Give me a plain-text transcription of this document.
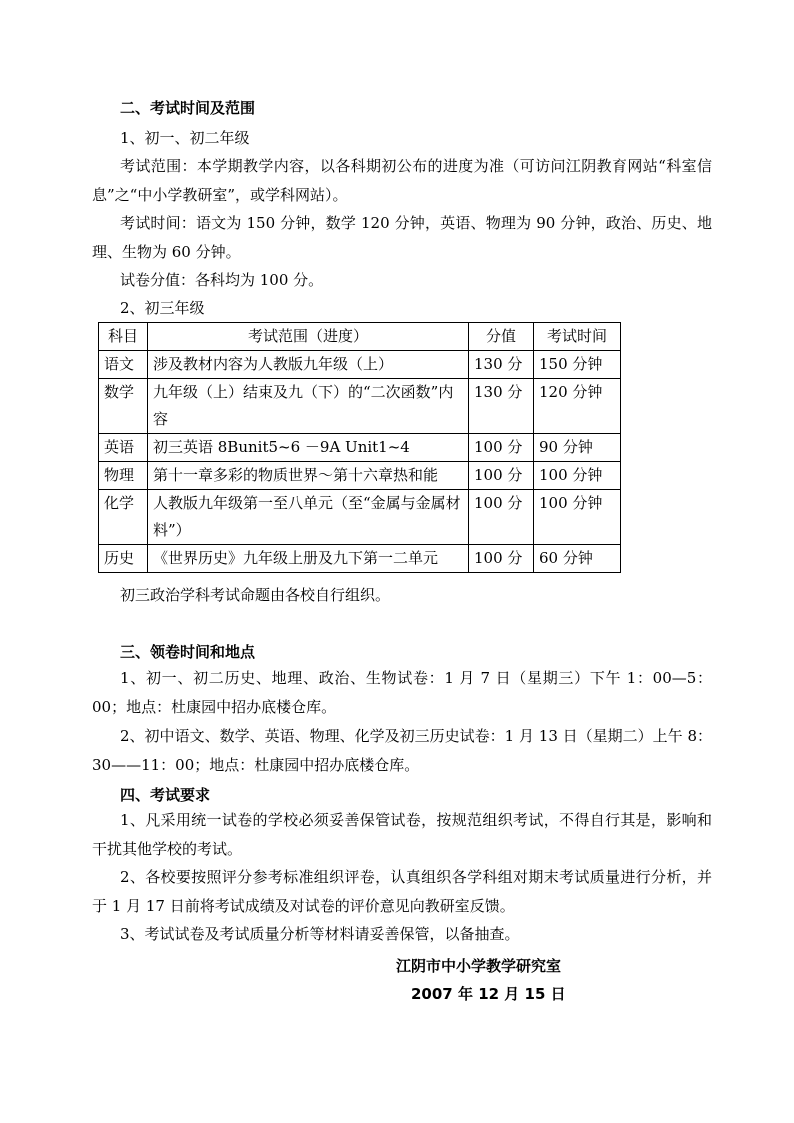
二、考试时间及范围
1、初一、初二年级
考试范围：本学期教学内容，以各科期初公布的进度为准（可访问江阴教育网站“科室信息”之“中小学教研室”，或学科网站）。
考试时间：语文为 150 分钟，数学 120 分钟，英语、物理为 90 分钟，政治、历史、地理、生物为 60 分钟。
试卷分值：各科均为 100 分。
2、初三年级
科目	考试范围（进度）	分值	考试时间
语文	涉及教材内容为人教版九年级（上）	130 分	150 分钟
数学	九年级（上）结束及九（下）的“二次函数”内容	130 分	120 分钟
英语	初三英语 8Bunit5~6 －9A Unit1~4	100 分	90 分钟
物理	第十一章多彩的物质世界～第十六章热和能	100 分	100 分钟
化学	人教版九年级第一至八单元（至“金属与金属材料”）	100 分	100 分钟
历史	《世界历史》九年级上册及九下第一二单元	100 分	60 分钟
初三政治学科考试命题由各校自行组织。
三、领卷时间和地点
1、初一、初二历史、地理、政治、生物试卷：1 月 7 日（星期三）下午 1：00—5：00；地点：杜康园中招办底楼仓库。
2、初中语文、数学、英语、物理、化学及初三历史试卷：1 月 13 日（星期二）上午 8：30——11：00；地点：杜康园中招办底楼仓库。
四、考试要求
1、凡采用统一试卷的学校必须妥善保管试卷，按规范组织考试，不得自行其是，影响和干扰其他学校的考试。
2、各校要按照评分参考标准组织评卷，认真组织各学科组对期末考试质量进行分析，并于 1 月 17 日前将考试成绩及对试卷的评价意见向教研室反馈。
3、考试试卷及考试质量分析等材料请妥善保管，以备抽查。
江阴市中小学教学研究室
2007 年 12 月 15 日
